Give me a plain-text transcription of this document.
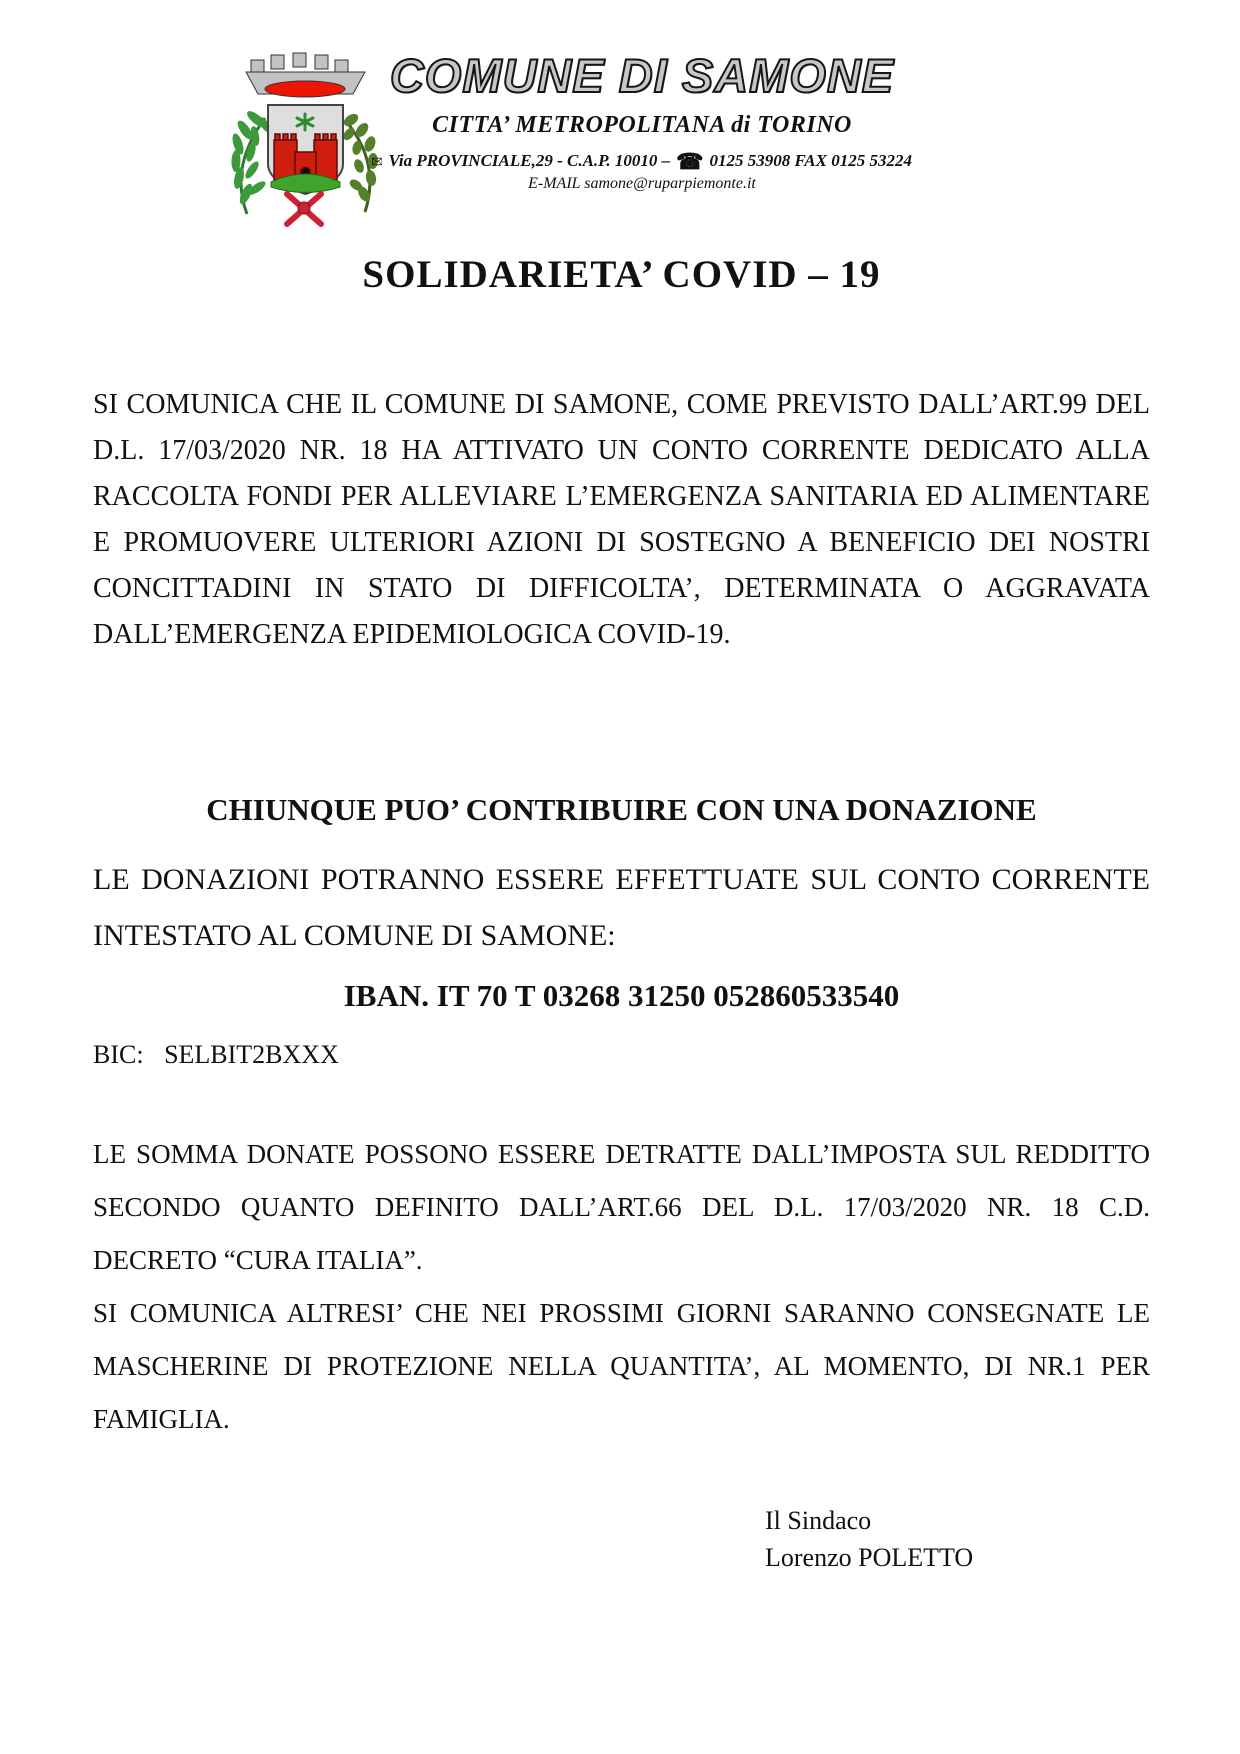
COMUNE DI SAMONE
CITTA’ METROPOLITANA di TORINO
Via PROVINCIALE,29 - C.A.P. 10010 – ☎ 0125 53908 FAX 0125 53224
E-MAIL samone@ruparpiemonte.it
SOLIDARIETA’ COVID – 19
SI COMUNICA CHE IL COMUNE DI SAMONE, COME PREVISTO DALL’ART.99 DEL D.L. 17/03/2020 NR. 18 HA ATTIVATO UN CONTO CORRENTE DEDICATO ALLA RACCOLTA FONDI PER ALLEVIARE L’EMERGENZA SANITARIA ED ALIMENTARE E PROMUOVERE ULTERIORI AZIONI DI SOSTEGNO A BENEFICIO DEI NOSTRI CONCITTADINI IN STATO DI DIFFICOLTA’, DETERMINATA O AGGRAVATA DALL’EMERGENZA EPIDEMIOLOGICA COVID-19.
CHIUNQUE PUO’ CONTRIBUIRE CON UNA DONAZIONE
LE DONAZIONI POTRANNO ESSERE EFFETTUATE SUL CONTO CORRENTE INTESTATO AL COMUNE DI SAMONE:
IBAN. IT 70 T 03268 31250 052860533540
BIC: SELBIT2BXXX

LE SOMMA DONATE POSSONO ESSERE DETRATTE DALL’IMPOSTA SUL REDDITTO SECONDO QUANTO DEFINITO DALL’ART.66 DEL D.L. 17/03/2020 NR. 18 C.D. DECRETO “CURA ITALIA”.

SI COMUNICA ALTRESI’ CHE NEI PROSSIMI GIORNI SARANNO CONSEGNATE LE MASCHERINE DI PROTEZIONE NELLA QUANTITA’, AL MOMENTO, DI NR.1 PER FAMIGLIA.

Il Sindaco
Lorenzo POLETTO
